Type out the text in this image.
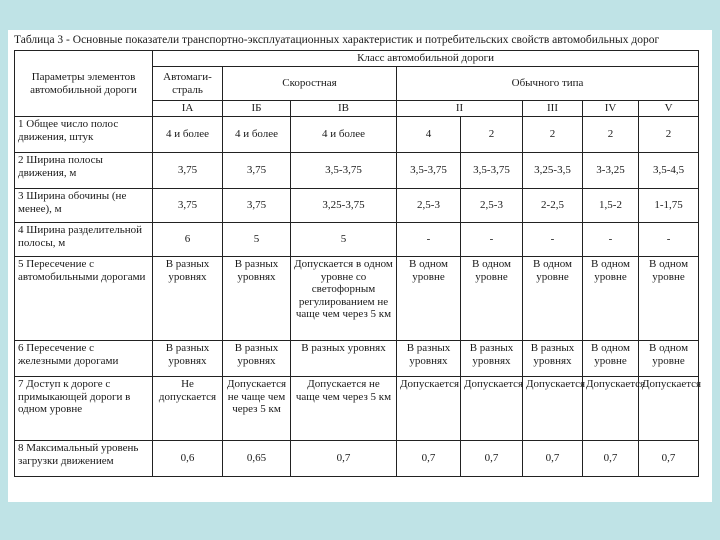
Таблица 3 - Основные показатели транспортно-эксплуатационных характеристик и потребительских свойств автомобильных дорог
Параметры элементов автомобильной дороги	Класс автомобильной дороги							
	Автомаги-страль	Скоростная		Обычного типа				
	IA	IБ	IB	II		III	IV	V
1 Общее число полос движения, штук	4 и более	4 и более	4 и более	4	2	2	2	2
2 Ширина полосы движения, м	3,75	3,75	3,5-3,75	3,5-3,75	3,5-3,75	3,25-3,5	3-3,25	3,5-4,5
3 Ширина обочины (не менее), м	3,75	3,75	3,25-3,75	2,5-3	2,5-3	2-2,5	1,5-2	1-1,75
4 Ширина разделительной полосы, м	6	5	5	-	-	-	-	-
5 Пересечение с автомобильными дорогами	В разных уровнях	В разных уровнях	Допускается в одном уровне со светофорным регулированием не чаще чем через 5 км	В одном уровне	В одном уровне	В одном уровне	В одном уровне	В одном уровне
6 Пересечение с железными дорогами	В разных уровнях	В разных уровнях	В разных уровнях	В разных уровнях	В разных уровнях	В разных уровнях	В одном уровне	В одном уровне
7 Доступ к дороге с примыкающей дороги в одном уровне	Не допускается	Допускается не чаще чем через 5 км	Допускается не чаще чем через 5 км	Допускается	Допускается	Допускается	Допускается	Допускается
8 Максимальный уровень загрузки движением	0,6	0,65	0,7	0,7	0,7	0,7	0,7	0,7
